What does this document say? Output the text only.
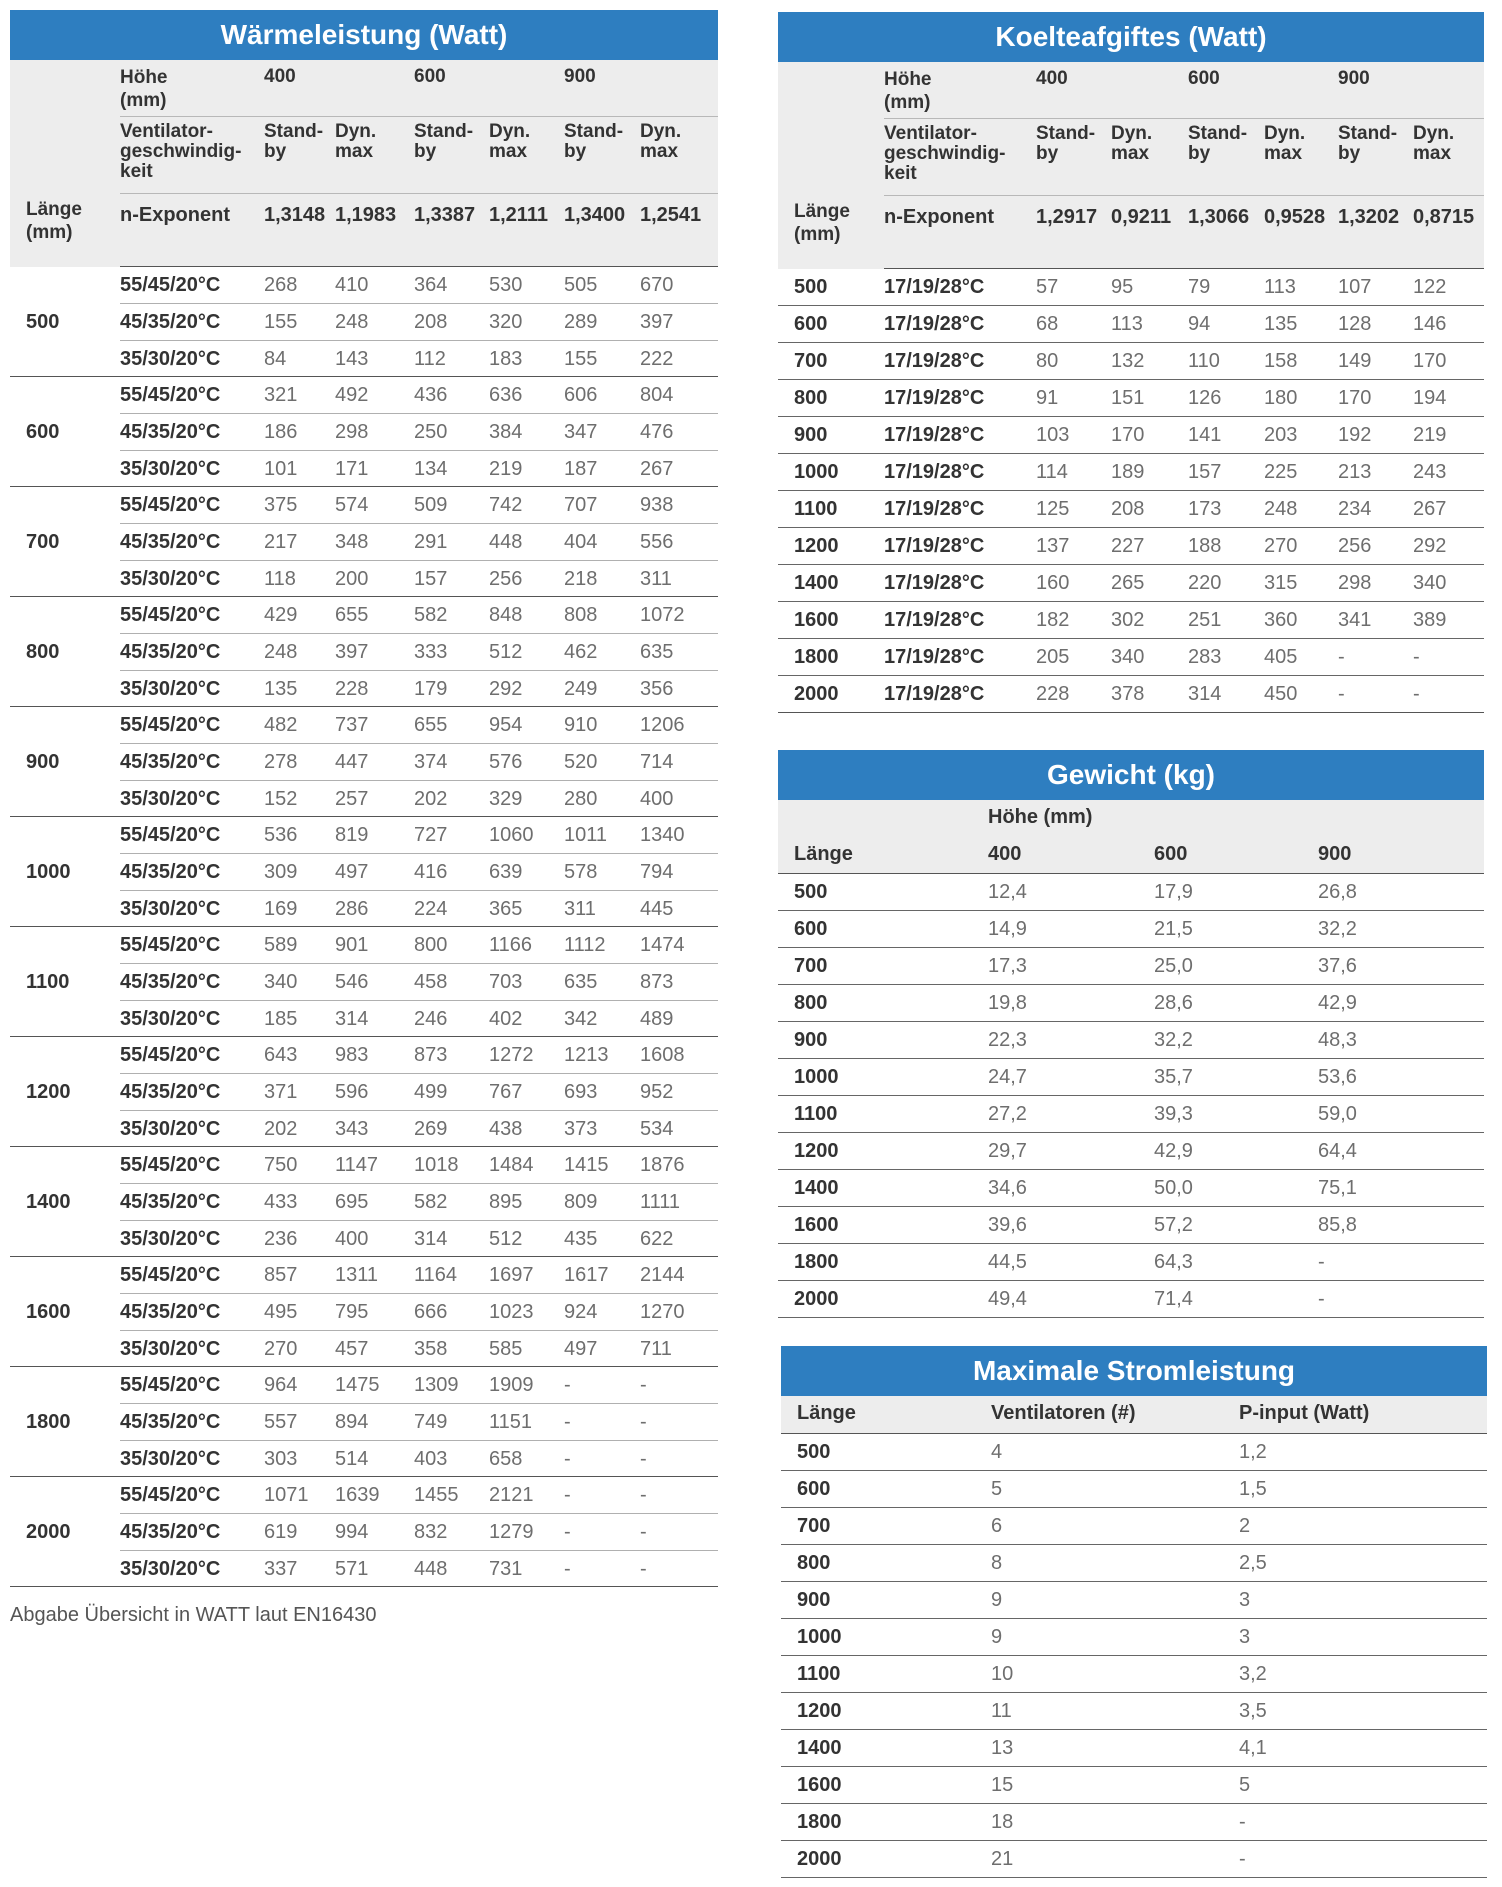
Wärmeleistung (Watt)
Länge
(mm)
Höhe
(mm)
400	600	900
Ventilator-
geschwindig-
keit
Stand-
by
Dyn.
max
Stand-
by
Dyn.
max
Stand-
by
Dyn.
max
n-Exponent 1,3148 1,1983 1,3387 1,2111 1,3400 1,2541
500
55/45/20°C 268 410 364 530 505 670
45/35/20°C 155 248 208 320 289 397
35/30/20°C 84 143 112 183 155 222
600
55/45/20°C 321 492 436 636 606 804
45/35/20°C 186 298 250 384 347 476
35/30/20°C 101 171 134 219 187 267
700
55/45/20°C 375 574 509 742 707 938
45/35/20°C 217 348 291 448 404 556
35/30/20°C 118 200 157 256 218 311
800
55/45/20°C 429 655 582 848 808 1072
45/35/20°C 248 397 333 512 462 635
35/30/20°C 135 228 179 292 249 356
900
55/45/20°C 482 737 655 954 910 1206
45/35/20°C 278 447 374 576 520 714
35/30/20°C 152 257 202 329 280 400
1000
55/45/20°C 536 819 727 1060 1011 1340
45/35/20°C 309 497 416 639 578 794
35/30/20°C 169 286 224 365 311 445
1100
55/45/20°C 589 901 800 1166 1112 1474
45/35/20°C 340 546 458 703 635 873
35/30/20°C 185 314 246 402 342 489
1200
55/45/20°C 643 983 873 1272 1213 1608
45/35/20°C 371 596 499 767 693 952
35/30/20°C 202 343 269 438 373 534
1400
55/45/20°C 750 1147 1018 1484 1415 1876
45/35/20°C 433 695 582 895 809 1111
35/30/20°C 236 400 314 512 435 622
1600
55/45/20°C 857 1311 1164 1697 1617 2144
45/35/20°C 495 795 666 1023 924 1270
35/30/20°C 270 457 358 585 497 711
1800
55/45/20°C 964 1475 1309 1909 -	-
45/35/20°C 557 894 749 1151 -	-
35/30/20°C 303 514 403 658 -	-
2000
55/45/20°C 1071 1639 1455 2121 -	-
45/35/20°C 619 994 832 1279 -	-
35/30/20°C 337 571 448 731 -	-
Abgabe Übersicht in WATT laut EN16430
Koelteafgiftes (Watt)
Länge
(mm)
Höhe
(mm)
400	600	900
Ventilator-
geschwindig-
keit
Stand-
by
Dyn.
max
Stand-
by
Dyn.
max
Stand-
by
Dyn.
max
n-Exponent 1,2917 0,9211 1,3066 0,9528 1,3202 0,8715
500	17/19/28°C	57	95	79	113 107 122
600	17/19/28°C	68	113 94	135 128 146
700	17/19/28°C	80	132 110 158 149 170
800	17/19/28°C	91	151 126 180 170 194
900	17/19/28°C	103 170 141 203 192 219
1000 17/19/28°C	114 189 157 225 213 243
1100 17/19/28°C	125 208 173 248 234 267
1200 17/19/28°C	137 227 188 270 256 292
1400 17/19/28°C	160 265 220 315 298 340
1600 17/19/28°C	182 302 251 360 341 389
1800 17/19/28°C	205 340 283 405 -	-
2000 17/19/28°C	228 378 314 450 -	-
Gewicht (kg)
Höhe (mm)
Länge	400	600	900
500	12,4	17,9	26,8
600	14,9	21,5	32,2
700	17,3	25,0	37,6
800	19,8	28,6	42,9
900	22,3	32,2	48,3
1000	24,7	35,7	53,6
1100	27,2	39,3	59,0
1200	29,7	42,9	64,4
1400	34,6	50,0	75,1
1600	39,6	57,2	85,8
1800	44,5	64,3	-
2000	49,4	71,4	-
Maximale Stromleistung
Länge	Ventilatoren (#)	P-input (Watt)
500	4	1,2
600	5	1,5
700	6	2
800	8	2,5
900	9	3
1000	9	3
1100	10	3,2
1200	11	3,5
1400	13	4,1
1600	15	5
1800	18	-
2000	21	-
